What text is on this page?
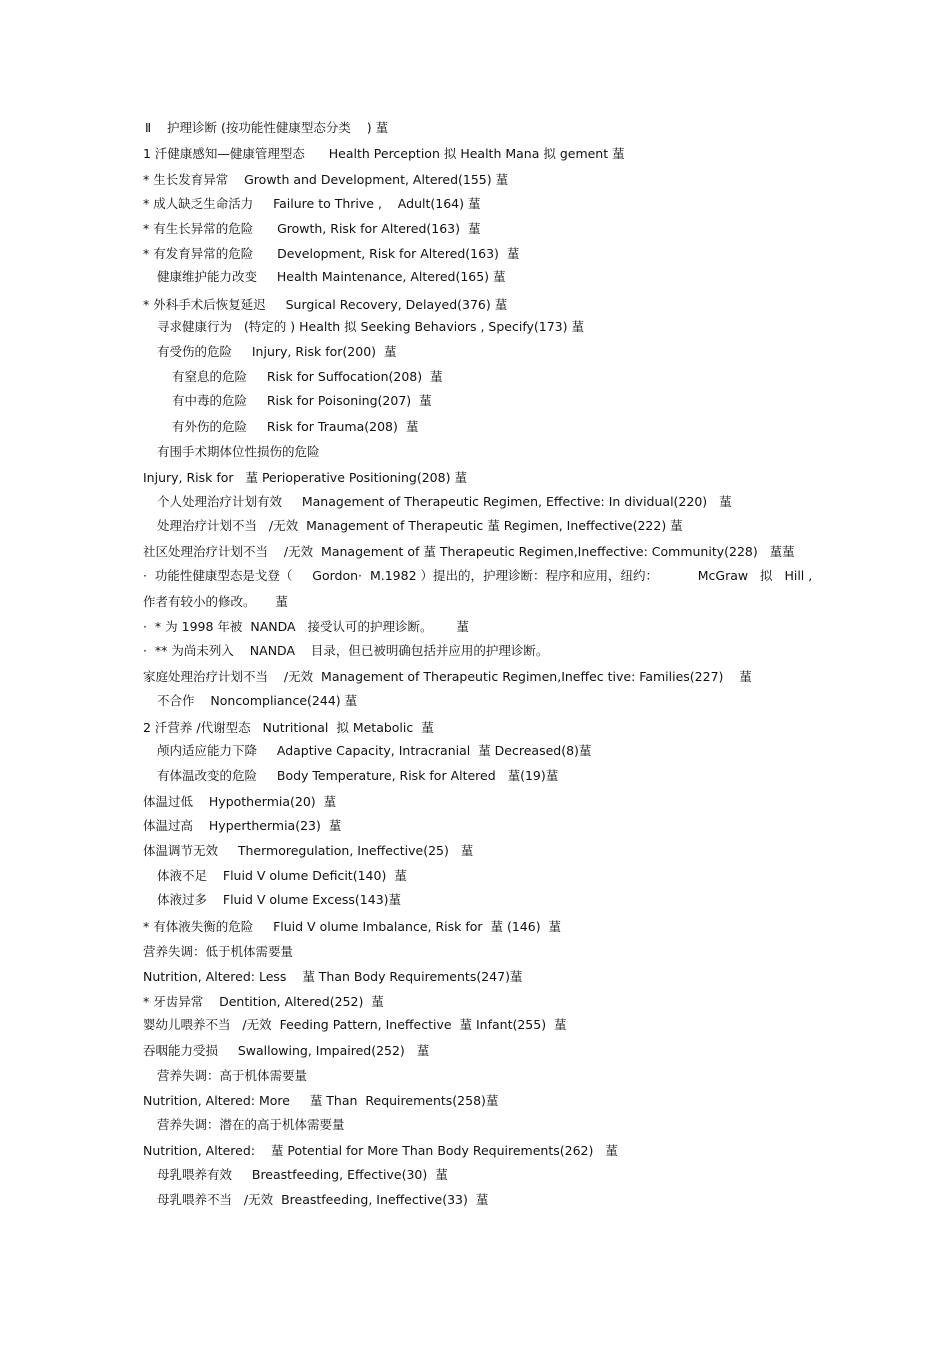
Ⅱ    护理诊断 (按功能性健康型态分类    ) 蓳
1 汘健康感知—健康管理型态      Health Perception 拟 Health Mana 拟 gement 蓳
* 生长发育异常    Growth and Development, Altered(155) 蓳
* 成人缺乏生命活力     Failure to Thrive ,    Adult(164) 蓳
* 有生长异常的危险      Growth, Risk for Altered(163)  蓳
* 有发育异常的危险      Development, Risk for Altered(163)  蓳
健康维护能力改变     Health Maintenance, Altered(165) 蓳
* 外科手术后恢复延迟     Surgical Recovery, Delayed(376) 蓳
寻求健康行为   (特定的 ) Health 拟 Seeking Behaviors , Specify(173) 蓳
有受伤的危险     Injury, Risk for(200)  蓳
有窒息的危险     Risk for Suffocation(208)  蓳
有中毒的危险     Risk for Poisoning(207)  蓳
有外伤的危险     Risk for Trauma(208)  蓳
有围手术期体位性损伤的危险
Injury, Risk for   蓳 Perioperative Positioning(208) 蓳
个人处理治疗计划有效     Management of Therapeutic Regimen, Effective: In dividual(220)   蓳
处理治疗计划不当   /无效  Management of Therapeutic 蓳 Regimen, Ineffective(222) 蓳
社区处理治疗计划不当    /无效  Management of 蓳 Therapeutic Regimen,Ineffective: Community(228)   蓳蓳
·  功能性健康型态是戈登（     Gordon·  M.1982 ）提出的，护理诊断：程序和应用，纽约：          McGraw   拟   Hill ,
作者有较小的修改。     蓳
·  * 为 1998 年被  NANDA   接受认可的护理诊断。      蓳
·  ** 为尚未列入    NANDA    目录，但已被明确包括并应用的护理诊断。
家庭处理治疗计划不当    /无效  Management of Therapeutic Regimen,Ineffec tive: Families(227)    蓳
不合作    Noncompliance(244) 蓳
2 汘营养 /代谢型态   Nutritional  拟 Metabolic  蓳
颅内适应能力下降     Adaptive Capacity, Intracranial  蓳 Decreased(8)蓳
有体温改变的危险     Body Temperature, Risk for Altered   蓳(19)蓳
体温过低    Hypothermia(20)  蓳
体温过高    Hyperthermia(23)  蓳
体温调节无效     Thermoregulation, Ineffective(25)   蓳
体液不足    Fluid V olume Deficit(140)  蓳
体液过多    Fluid V olume Excess(143)蓳
* 有体液失衡的危险     Fluid V olume Imbalance, Risk for  蓳 (146)  蓳
营养失调：低于机体需要量
Nutrition, Altered: Less    蓳 Than Body Requirements(247)蓳
* 牙齿异常    Dentition, Altered(252)  蓳
婴幼儿喂养不当   /无效  Feeding Pattern, Ineffective  蓳 Infant(255)  蓳
吞咽能力受损     Swallowing, Impaired(252)   蓳
营养失调：高于机体需要量
Nutrition, Altered: More     蓳 Than  Requirements(258)蓳
营养失调：潜在的高于机体需要量
Nutrition, Altered:    蓳 Potential for More Than Body Requirements(262)   蓳
母乳喂养有效     Breastfeeding, Effective(30)  蓳
母乳喂养不当   /无效  Breastfeeding, Ineffective(33)  蓳
